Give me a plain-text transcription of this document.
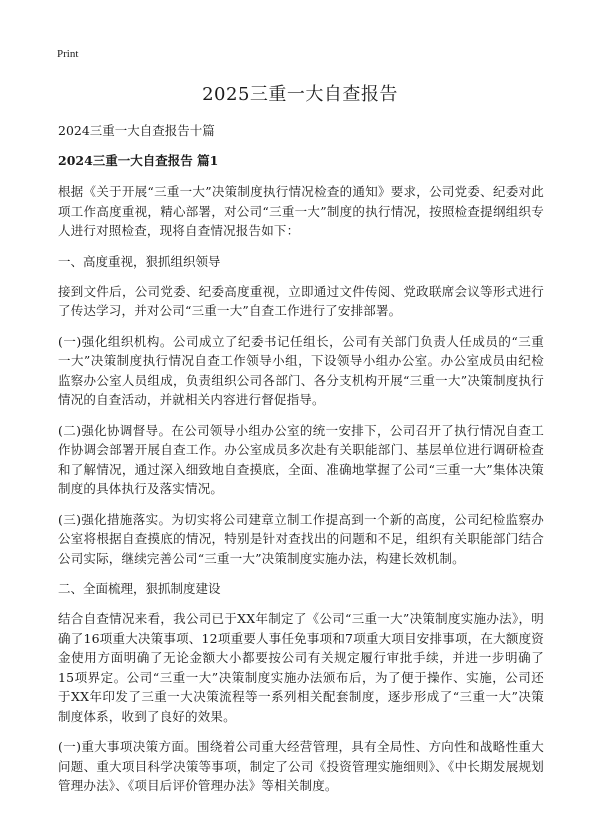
Print
2025三重一大自查报告

2024三重一大自查报告十篇

2024三重一大自查报告 篇1

根据《关于开展“三重一大”决策制度执行情况检查的通知》要求，公司党委、纪委对此项工作高度重视，精心部署，对公司“三重一大”制度的执行情况，按照检查提纲组织专人进行对照检查，现将自查情况报告如下：

一、高度重视，狠抓组织领导

接到文件后，公司党委、纪委高度重视，立即通过文件传阅、党政联席会议等形式进行了传达学习，并对公司“三重一大”自查工作进行了安排部署。

(一)强化组织机构。公司成立了纪委书记任组长，公司有关部门负责人任成员的“三重一大”决策制度执行情况自查工作领导小组，下设领导小组办公室。办公室成员由纪检监察办公室人员组成，负责组织公司各部门、各分支机构开展“三重一大”决策制度执行情况的自查活动，并就相关内容进行督促指导。

(二)强化协调督导。在公司领导小组办公室的统一安排下，公司召开了执行情况自查工作协调会部署开展自查工作。办公室成员多次赴有关职能部门、基层单位进行调研检查和了解情况，通过深入细致地自查摸底，全面、准确地掌握了公司“三重一大”集体决策制度的具体执行及落实情况。

(三)强化措施落实。为切实将公司建章立制工作提高到一个新的高度，公司纪检监察办公室将根据自查摸底的情况，特别是针对查找出的问题和不足，组织有关职能部门结合公司实际，继续完善公司“三重一大”决策制度实施办法，构建长效机制。

二、全面梳理，狠抓制度建设

结合自查情况来看，我公司已于XX年制定了《公司“三重一大”决策制度实施办法》，明确了16项重大决策事项、12项重要人事任免事项和7项重大项目安排事项，在大额度资金使用方面明确了无论金额大小都要按公司有关规定履行审批手续，并进一步明确了15项界定。公司“三重一大”决策制度实施办法颁布后，为了便于操作、实施，公司还于XX年印发了三重一大决策流程等一系列相关配套制度，逐步形成了“三重一大”决策制度体系，收到了良好的效果。

(一)重大事项决策方面。围绕着公司重大经营管理，具有全局性、方向性和战略性重大问题、重大项目科学决策等事项，制定了公司《投资管理实施细则》、《中长期发展规划管理办法》、《项目后评价管理办法》等相关制度。
